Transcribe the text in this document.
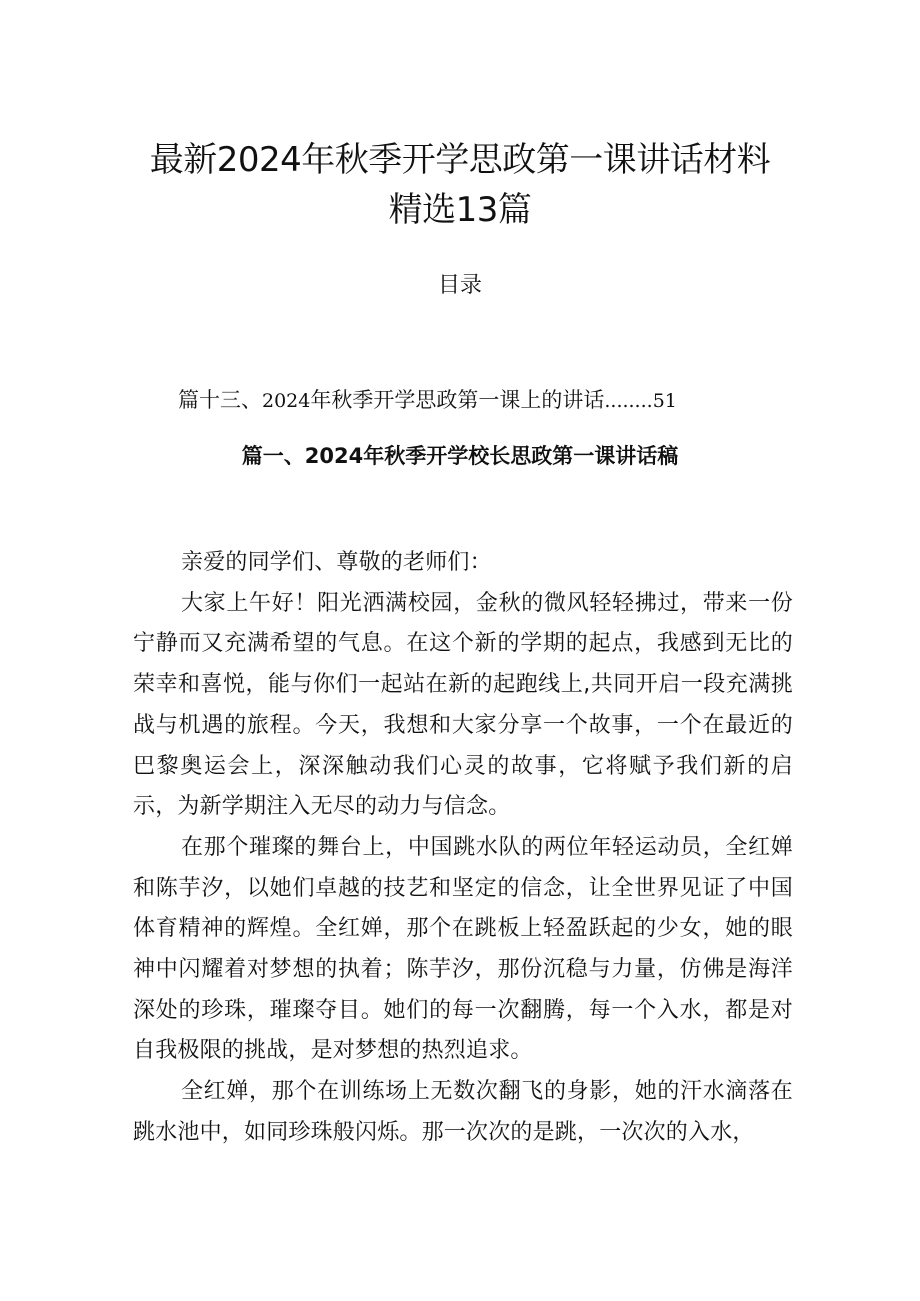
最新2024年秋季开学思政第一课讲话材料
精选13篇
目录
篇十三、2024年秋季开学思政第一课上的讲话........51
篇一、2024年秋季开学校长思政第一课讲话稿

亲爱的同学们、尊敬的老师们：

大家上午好！阳光洒满校园，金秋的微风轻轻拂过，带来一份宁静而又充满希望的气息。在这个新的学期的起点，我感到无比的荣幸和喜悦，能与你们一起站在新的起跑线上,共同开启一段充满挑战与机遇的旅程。今天，我想和大家分享一个故事，一个在最近的巴黎奥运会上，深深触动我们心灵的故事，它将赋予我们新的启示，为新学期注入无尽的动力与信念。

在那个璀璨的舞台上，中国跳水队的两位年轻运动员，全红婵和陈芋汐，以她们卓越的技艺和坚定的信念，让全世界见证了中国体育精神的辉煌。全红婵，那个在跳板上轻盈跃起的少女，她的眼神中闪耀着对梦想的执着；陈芋汐，那份沉稳与力量，仿佛是海洋深处的珍珠，璀璨夺目。她们的每一次翻腾，每一个入水，都是对自我极限的挑战，是对梦想的热烈追求。

全红婵，那个在训练场上无数次翻飞的身影，她的汗水滴落在跳水池中，如同珍珠般闪烁。那一次次的是跳，一次次的入水，
